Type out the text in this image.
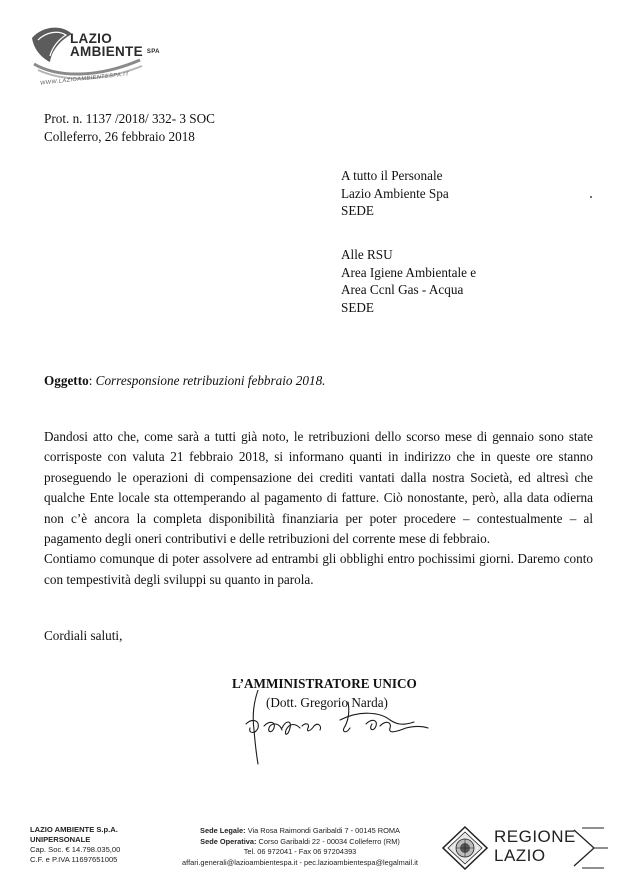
LAZIO
AMBIENTE SPA
WWW.LAZIOAMBIENTESPA.IT
Prot. n. 1137 /2018/ 332- 3 SOC
Colleferro, 26 febbraio 2018
A tutto il Personale
Lazio Ambiente Spa
SEDE
Alle RSU
Area Igiene Ambientale e
Area Ccnl Gas - Acqua
SEDE
Oggetto: Corresponsione retribuzioni febbraio 2018.

Dandosi atto che, come sarà a tutti già noto, le retribuzioni dello scorso mese di gennaio sono state corrisposte con valuta 21 febbraio 2018, si informano quanti in indirizzo che in queste ore stanno proseguendo le operazioni di compensazione dei crediti vantati dalla nostra Società, ed altresì che qualche Ente locale sta ottemperando al pagamento di fatture. Ciò nonostante, però, alla data odierna non c’è ancora la completa disponibilità finanziaria per poter procedere – contestualmente – al pagamento degli oneri contributivi e delle retribuzioni del corrente mese di febbraio.

Contiamo comunque di poter assolvere ad entrambi gli obblighi entro pochissimi giorni. Daremo conto con tempestività degli sviluppi su quanto in parola.

Cordiali saluti,
L’AMMINISTRATORE UNICO
(Dott. Gregorio Narda)
LAZIO AMBIENTE S.p.A.
UNIPERSONALE
Cap. Soc. € 14.798.035,00
C.F. e P.IVA 11697651005
Sede Legale: Via Rosa Raimondi Garibaldi 7 - 00145 ROMA
Sede Operativa: Corso Garibaldi 22 - 00034 Colleferro (RM)
Tel. 06 972041 - Fax 06 97204393
affari.generali@lazioambientespa.it - pec.lazioambientespa@legalmail.it
REGIONE
LAZIO
